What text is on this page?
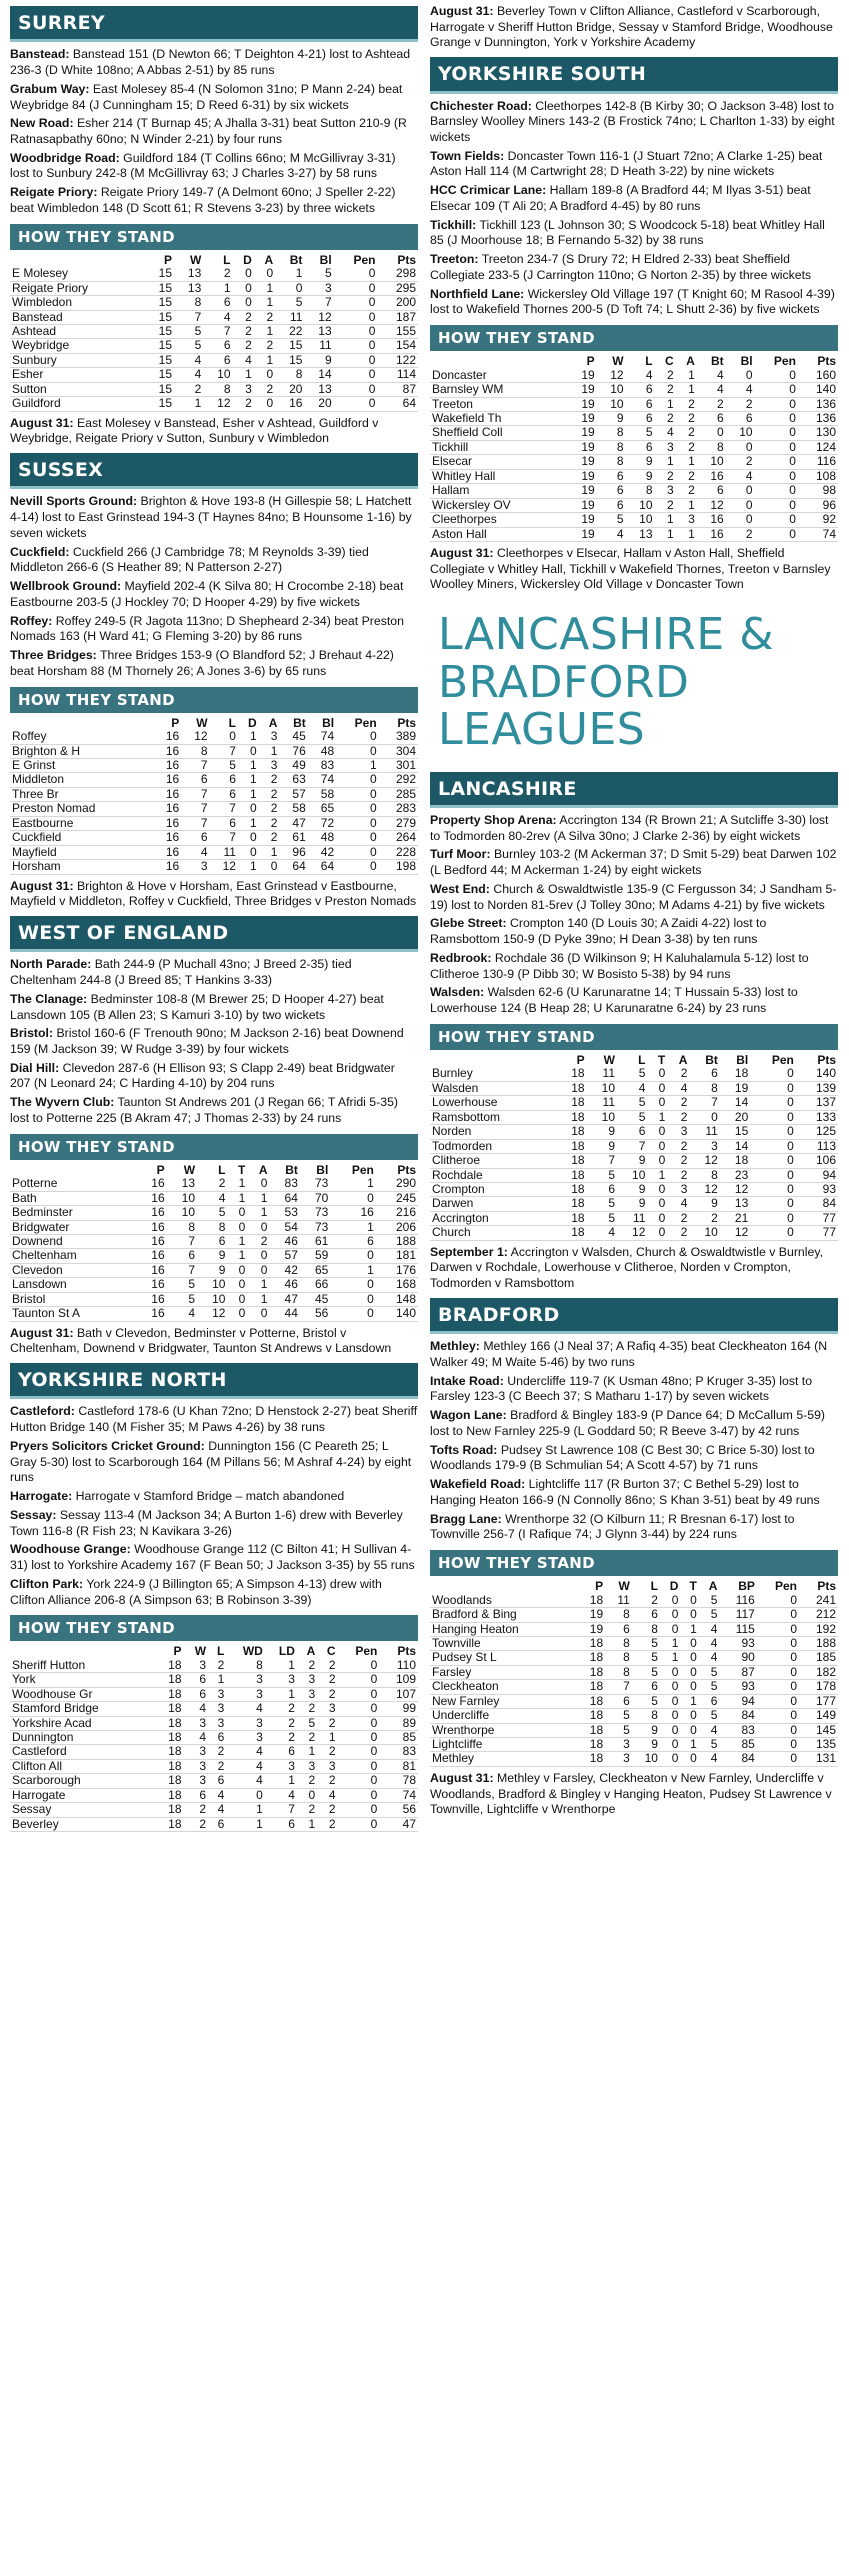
SURREY
Banstead: Banstead 151 (D Newton 66; T Deighton 4-21) lost to Ashtead 236-3 (D White 108no; A Abbas 2-51) by 85 runs
Grabum Way: East Molesey 85-4 (N Solomon 31no; P Mann 2-24) beat Weybridge 84 (J Cunningham 15; D Reed 6-31) by six wickets
New Road: Esher 214 (T Burnap 45; A Jhalla 3-31) beat Sutton 210-9 (R Ratnasapbathy 60no; N Winder 2-21) by four runs
Woodbridge Road: Guildford 184 (T Collins 66no; M McGillivray 3-31) lost to Sunbury 242-8 (M McGillivray 63; J Charles 3-27) by 58 runs
Reigate Priory: Reigate Priory 149-7 (A Delmont 60no; J Speller 2-22) beat Wimbledon 148 (D Scott 61; R Stevens 3-23) by three wickets
HOW THEY STAND
	P	W	L	D	A	Bt	Bl	Pen	Pts
E Molesey	15	13	2	0	0	1	5	0	298
Reigate Priory	15	13	1	0	1	0	3	0	295
Wimbledon	15	8	6	0	1	5	7	0	200
Banstead	15	7	4	2	2	11	12	0	187
Ashtead	15	5	7	2	1	22	13	0	155
Weybridge	15	5	6	2	2	15	11	0	154
Sunbury	15	4	6	4	1	15	9	0	122
Esher	15	4	10	1	0	8	14	0	114
Sutton	15	2	8	3	2	20	13	0	87
Guildford	15	1	12	2	0	16	20	0	64
August 31: East Molesey v Banstead, Esher v Ashtead, Guildford v Weybridge, Reigate Priory v Sutton, Sunbury v Wimbledon
SUSSEX
Nevill Sports Ground: Brighton & Hove 193-8 (H Gillespie 58; L Hatchett 4-14) lost to East Grinstead 194-3 (T Haynes 84no; B Hounsome 1-16) by seven wickets
Cuckfield: Cuckfield 266 (J Cambridge 78; M Reynolds 3-39) tied Middleton 266-6 (S Heather 89; N Patterson 2-27)
Wellbrook Ground: Mayfield 202-4 (K Silva 80; H Crocombe 2-18) beat Eastbourne 203-5 (J Hockley 70; D Hooper 4-29) by five wickets
Roffey: Roffey 249-5 (R Jagota 113no; D Shepheard 2-34) beat Preston Nomads 163 (H Ward 41; G Fleming 3-20) by 86 runs
Three Bridges: Three Bridges 153-9 (O Blandford 52; J Brehaut 4-22) beat Horsham 88 (M Thornely 26; A Jones 3-6) by 65 runs
HOW THEY STAND
	P	W	L	D	A	Bt	Bl	Pen	Pts
Roffey	16	12	0	1	3	45	74	0	389
Brighton & H	16	8	7	0	1	76	48	0	304
E Grinst	16	7	5	1	3	49	83	1	301
Middleton	16	6	6	1	2	63	74	0	292
Three Br	16	7	6	1	2	57	58	0	285
Preston Nomad	16	7	7	0	2	58	65	0	283
Eastbourne	16	7	6	1	2	47	72	0	279
Cuckfield	16	6	7	0	2	61	48	0	264
Mayfield	16	4	11	0	1	96	42	0	228
Horsham	16	3	12	1	0	64	64	0	198
August 31: Brighton & Hove v Horsham, East Grinstead v Eastbourne, Mayfield v Middleton, Roffey v Cuckfield, Three Bridges v Preston Nomads
WEST OF ENGLAND
North Parade: Bath 244-9 (P Muchall 43no; J Breed 2-35) tied Cheltenham 244-8 (J Breed 85; T Hankins 3-33)
The Clanage: Bedminster 108-8 (M Brewer 25; D Hooper 4-27) beat Lansdown 105 (B Allen 23; S Kamuri 3-10) by two wickets
Bristol: Bristol 160-6 (F Trenouth 90no; M Jackson 2-16) beat Downend 159 (M Jackson 39; W Rudge 3-39) by four wickets
Dial Hill: Clevedon 287-6 (H Ellison 93; S Clapp 2-49) beat Bridgwater 207 (N Leonard 24; C Harding 4-10) by 204 runs
The Wyvern Club: Taunton St Andrews 201 (J Regan 66; T Afridi 5-35) lost to Potterne 225 (B Akram 47; J Thomas 2-33) by 24 runs
HOW THEY STAND
	P	W	L	T	A	Bt	Bl	Pen	Pts
Potterne	16	13	2	1	0	83	73	1	290
Bath	16	10	4	1	1	64	70	0	245
Bedminster	16	10	5	0	1	53	73	16	216
Bridgwater	16	8	8	0	0	54	73	1	206
Downend	16	7	6	1	2	46	61	6	188
Cheltenham	16	6	9	1	0	57	59	0	181
Clevedon	16	7	9	0	0	42	65	1	176
Lansdown	16	5	10	0	1	46	66	0	168
Bristol	16	5	10	0	1	47	45	0	148
Taunton St A	16	4	12	0	0	44	56	0	140
August 31: Bath v Clevedon, Bedminster v Potterne, Bristol v Cheltenham, Downend v Bridgwater, Taunton St Andrews v Lansdown
YORKSHIRE NORTH
Castleford: Castleford 178-6 (U Khan 72no; D Henstock 2-27) beat Sheriff Hutton Bridge 140 (M Fisher 35; M Paws 4-26) by 38 runs
Pryers Solicitors Cricket Ground: Dunnington 156 (C Peareth 25; L Gray 5-30) lost to Scarborough 164 (M Pillans 56; M Ashraf 4-24) by eight runs
Harrogate: Harrogate v Stamford Bridge – match abandoned
Sessay: Sessay 113-4 (M Jackson 34; A Burton 1-6) drew with Beverley Town 116-8 (R Fish 23; N Kavikara 3-26)
Woodhouse Grange: Woodhouse Grange 112 (C Bilton 41; H Sullivan 4-31) lost to Yorkshire Academy 167 (F Bean 50; J Jackson 3-35) by 55 runs
Clifton Park: York 224-9 (J Billington 65; A Simpson 4-13) drew with Clifton Alliance 206-8 (A Simpson 63; B Robinson 3-39)
HOW THEY STAND
	P	W	L	WD	LD	A	C	Pen	Pts
Sheriff Hutton	18	3	2	8	1	2	2	0	110
York	18	6	1	3	3	3	2	0	109
Woodhouse Gr	18	6	3	3	1	3	2	0	107
Stamford Bridge	18	4	3	4	2	2	3	0	99
Yorkshire Acad	18	3	3	3	2	5	2	0	89
Dunnington	18	4	6	3	2	2	1	0	85
Castleford	18	3	2	4	6	1	2	0	83
Clifton All	18	3	2	4	3	3	3	0	81
Scarborough	18	3	6	4	1	2	2	0	78
Harrogate	18	6	4	0	4	0	4	0	74
Sessay	18	2	4	1	7	2	2	0	56
Beverley	18	2	6	1	6	1	2	0	47
August 31: Beverley Town v Clifton Alliance, Castleford v Scarborough, Harrogate v Sheriff Hutton Bridge, Sessay v Stamford Bridge, Woodhouse Grange v Dunnington, York v Yorkshire Academy
YORKSHIRE SOUTH
Chichester Road: Cleethorpes 142-8 (B Kirby 30; O Jackson 3-48) lost to Barnsley Woolley Miners 143-2 (B Frostick 74no; L Charlton 1-33) by eight wickets
Town Fields: Doncaster Town 116-1 (J Stuart 72no; A Clarke 1-25) beat Aston Hall 114 (M Cartwright 28; D Heath 3-22) by nine wickets
HCC Crimicar Lane: Hallam 189-8 (A Bradford 44; M Ilyas 3-51) beat Elsecar 109 (T Ali 20; A Bradford 4-45) by 80 runs
Tickhill: Tickhill 123 (L Johnson 30; S Woodcock 5-18) beat Whitley Hall 85 (J Moorhouse 18; B Fernando 5-32) by 38 runs
Treeton: Treeton 234-7 (S Drury 72; H Eldred 2-33) beat Sheffield Collegiate 233-5 (J Carrington 110no; G Norton 2-35) by three wickets
Northfield Lane: Wickersley Old Village 197 (T Knight 60; M Rasool 4-39) lost to Wakefield Thornes 200-5 (D Toft 74; L Shutt 2-36) by five wickets
HOW THEY STAND
	P	W	L	C	A	Bt	Bl	Pen	Pts
Doncaster	19	12	4	2	1	4	0	0	160
Barnsley WM	19	10	6	2	1	4	4	0	140
Treeton	19	10	6	1	2	2	2	0	136
Wakefield Th	19	9	6	2	2	6	6	0	136
Sheffield Coll	19	8	5	4	2	0	10	0	130
Tickhill	19	8	6	3	2	8	0	0	124
Elsecar	19	8	9	1	1	10	2	0	116
Whitley Hall	19	6	9	2	2	16	4	0	108
Hallam	19	6	8	3	2	6	0	0	98
Wickersley OV	19	6	10	2	1	12	0	0	96
Cleethorpes	19	5	10	1	3	16	0	0	92
Aston Hall	19	4	13	1	1	16	2	0	74
August 31: Cleethorpes v Elsecar, Hallam v Aston Hall, Sheffield Collegiate v Whitley Hall, Tickhill v Wakefield Thornes, Treeton v Barnsley Woolley Miners, Wickersley Old Village v Doncaster Town
LANCASHIRE & BRADFORD LEAGUES
LANCASHIRE
Property Shop Arena: Accrington 134 (R Brown 21; A Sutcliffe 3-30) lost to Todmorden 80-2rev (A Silva 30no; J Clarke 2-36) by eight wickets
Turf Moor: Burnley 103-2 (M Ackerman 37; D Smit 5-29) beat Darwen 102 (L Bedford 44; M Ackerman 1-24) by eight wickets
West End: Church & Oswaldtwistle 135-9 (C Fergusson 34; J Sandham 5-19) lost to Norden 81-5rev (J Tolley 30no; M Adams 4-21) by five wickets
Glebe Street: Crompton 140 (D Louis 30; A Zaidi 4-22) lost to Ramsbottom 150-9 (D Pyke 39no; H Dean 3-38) by ten runs
Redbrook: Rochdale 36 (D Wilkinson 9; H Kaluhalamula 5-12) lost to Clitheroe 130-9 (P Dibb 30; W Bosisto 5-38) by 94 runs
Walsden: Walsden 62-6 (U Karunaratne 14; T Hussain 5-33) lost to Lowerhouse 124 (B Heap 28; U Karunaratne 6-24) by 23 runs
HOW THEY STAND
	P	W	L	T	A	Bt	Bl	Pen	Pts
Burnley	18	11	5	0	2	6	18	0	140
Walsden	18	10	4	0	4	8	19	0	139
Lowerhouse	18	11	5	0	2	7	14	0	137
Ramsbottom	18	10	5	1	2	0	20	0	133
Norden	18	9	6	0	3	11	15	0	125
Todmorden	18	9	7	0	2	3	14	0	113
Clitheroe	18	7	9	0	2	12	18	0	106
Rochdale	18	5	10	1	2	8	23	0	94
Crompton	18	6	9	0	3	12	12	0	93
Darwen	18	5	9	0	4	9	13	0	84
Accrington	18	5	11	0	2	2	21	0	77
Church	18	4	12	0	2	10	12	0	77
September 1: Accrington v Walsden, Church & Oswaldtwistle v Burnley, Darwen v Rochdale, Lowerhouse v Clitheroe, Norden v Crompton, Todmorden v Ramsbottom
BRADFORD
Methley: Methley 166 (J Neal 37; A Rafiq 4-35) beat Cleckheaton 164 (N Walker 49; M Waite 5-46) by two runs
Intake Road: Undercliffe 119-7 (K Usman 48no; P Kruger 3-35) lost to Farsley 123-3 (C Beech 37; S Matharu 1-17) by seven wickets
Wagon Lane: Bradford & Bingley 183-9 (P Dance 64; D McCallum 5-59) lost to New Farnley 225-9 (L Goddard 50; R Beeve 3-47) by 42 runs
Tofts Road: Pudsey St Lawrence 108 (C Best 30; C Brice 5-30) lost to Woodlands 179-9 (B Schmulian 54; A Scott 4-57) by 71 runs
Wakefield Road: Lightcliffe 117 (R Burton 37; C Bethel 5-29) lost to Hanging Heaton 166-9 (N Connolly 86no; S Khan 3-51) beat by 49 runs
Bragg Lane: Wrenthorpe 32 (O Kilburn 11; R Bresnan 6-17) lost to Townville 256-7 (I Rafique 74; J Glynn 3-44) by 224 runs
HOW THEY STAND
	P	W	L	D	T	A	BP	Pen	Pts
Woodlands	18	11	2	0	0	5	116	0	241
Bradford & Bing	19	8	6	0	0	5	117	0	212
Hanging Heaton	19	6	8	0	1	4	115	0	192
Townville	18	8	5	1	0	4	93	0	188
Pudsey St L	18	8	5	1	0	4	90	0	185
Farsley	18	8	5	0	0	5	87	0	182
Cleckheaton	18	7	6	0	0	5	93	0	178
New Farnley	18	6	5	0	1	6	94	0	177
Undercliffe	18	5	8	0	0	5	84	0	149
Wrenthorpe	18	5	9	0	0	4	83	0	145
Lightcliffe	18	3	9	0	1	5	85	0	135
Methley	18	3	10	0	0	4	84	0	131
August 31: Methley v Farsley, Cleckheaton v New Farnley, Undercliffe v Woodlands, Bradford & Bingley v Hanging Heaton, Pudsey St Lawrence v Townville, Lightcliffe v Wrenthorpe
